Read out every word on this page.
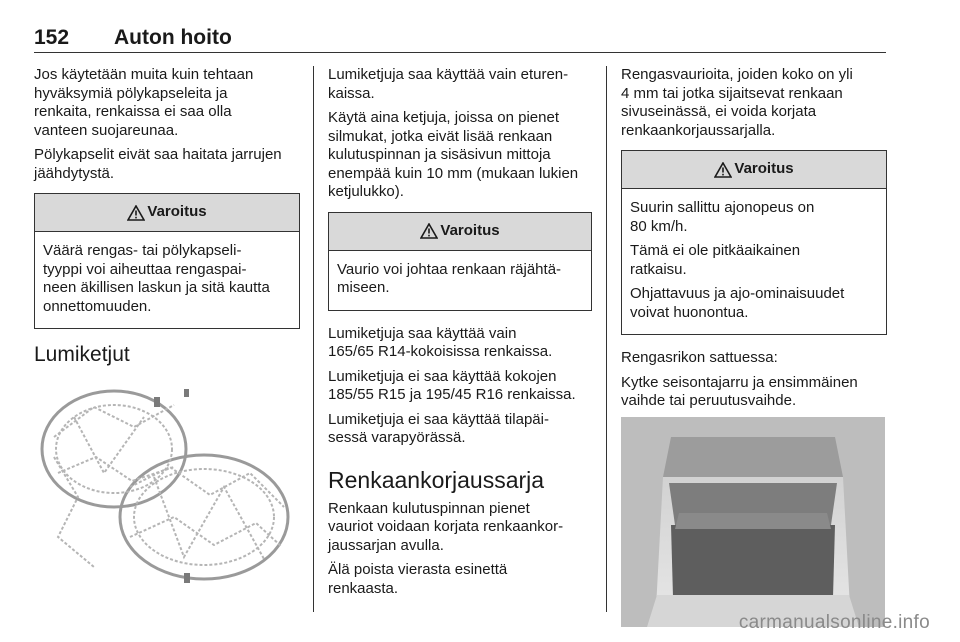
152 Auton hoito

Jos käytetään muita kuin tehtaan
hyväksymiä pölykapseleita ja
renkaita, renkaissa ei saa olla
vanteen suojareunaa.

Pölykapselit eivät saa haitata jarrujen
jäähdytystä.

Varoitus

Väärä rengas- tai pölykapseli-
tyyppi voi aiheuttaa rengaspai-
neen äkillisen laskun ja sitä kautta
onnettomuuden.

Lumiketjut

Lumiketjuja saa käyttää vain eturen-
kaissa.

Käytä aina ketjuja, joissa on pienet
silmukat, jotka eivät lisää renkaan
kulutuspinnan ja sisäsivun mittoja
enempää kuin 10 mm (mukaan lukien
ketjulukko).

Varoitus

Vaurio voi johtaa renkaan räjähtä-
miseen.

Lumiketjuja saa käyttää vain
165/65 R14-kokoisissa renkaissa.

Lumiketjuja ei saa käyttää kokojen
185/55 R15 ja 195/45 R16 renkaissa.

Lumiketjuja ei saa käyttää tilapäi-
sessä varapyörässä.

Renkaankorjaussarja

Renkaan kulutuspinnan pienet
vauriot voidaan korjata renkaankor-
jaussarjan avulla.

Älä poista vierasta esinettä
renkaasta.

Rengasvaurioita, joiden koko on yli
4 mm tai jotka sijaitsevat renkaan
sivuseinässä, ei voida korjata
renkaankorjaussarjalla.

Varoitus

Suurin sallittu ajonopeus on
80 km/h.

Tämä ei ole pitkäaikainen
ratkaisu.

Ohjattavuus ja ajo-ominaisuudet
voivat huonontua.

Rengasrikon sattuessa:

Kytke seisontajarru ja ensimmäinen
vaihde tai peruutusvaihde.

carmanualsonline.info
